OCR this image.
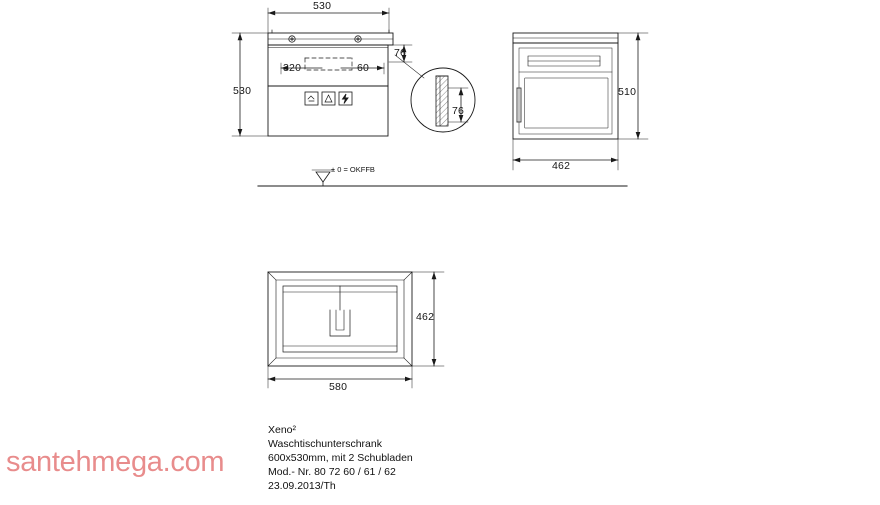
530
530
320	60
76
76
510
462
462
580
± 0 = OKFFB
Xeno²
Waschtischunterschrank
600x530mm, mit 2 Schubladen
Mod.- Nr. 80 72 60 / 61 / 62
23.09.2013/Th
santehmega.com
